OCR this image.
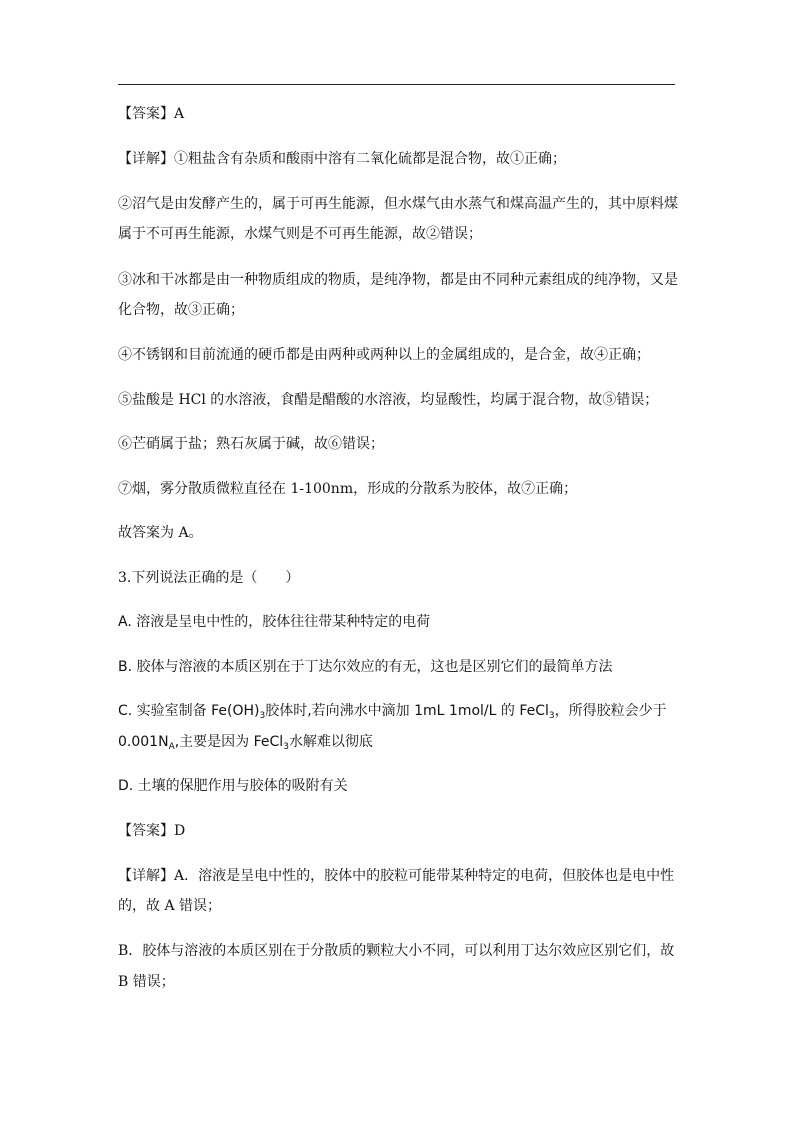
【答案】A
【详解】①粗盐含有杂质和酸雨中溶有二氧化硫都是混合物，故①正确；
②沼气是由发酵产生的，属于可再生能源，但水煤气由水蒸气和煤高温产生的，其中原料煤
属于不可再生能源，水煤气则是不可再生能源，故②错误；
③冰和干冰都是由一种物质组成的物质，是纯净物，都是由不同种元素组成的纯净物，又是
化合物，故③正确；
④不锈钢和目前流通的硬币都是由两种或两种以上的金属组成的，是合金，故④正确；
⑤盐酸是 HCl 的水溶液，食醋是醋酸的水溶液，均显酸性，均属于混合物，故⑤错误；
⑥芒硝属于盐；熟石灰属于碱，故⑥错误；
⑦烟，雾分散质微粒直径在 1-100nm，形成的分散系为胶体，故⑦正确；
故答案为 A。
3.下列说法正确的是（　　）
A. 溶液是呈电中性的，胶体往往带某种特定的电荷
B. 胶体与溶液的本质区别在于丁达尔效应的有无，这也是区别它们的最简单方法
C. 实验室制备 $Fe(OH)_3$胶体时,若向沸水中滴加 1mL 1mol/L 的 FeCl$_3$，所得胶粒会少于
$0.001N_A$,主要是因为 FeCl$_3$水解难以彻底
D. 土壤的保肥作用与胶体的吸附有关
【答案】D
【详解】A．溶液是呈电中性的，胶体中的胶粒可能带某种特定的电荷，但胶体也是电中性
的，故 A 错误；
B．胶体与溶液的本质区别在于分散质的颗粒大小不同，可以利用丁达尔效应区别它们，故
B 错误；
